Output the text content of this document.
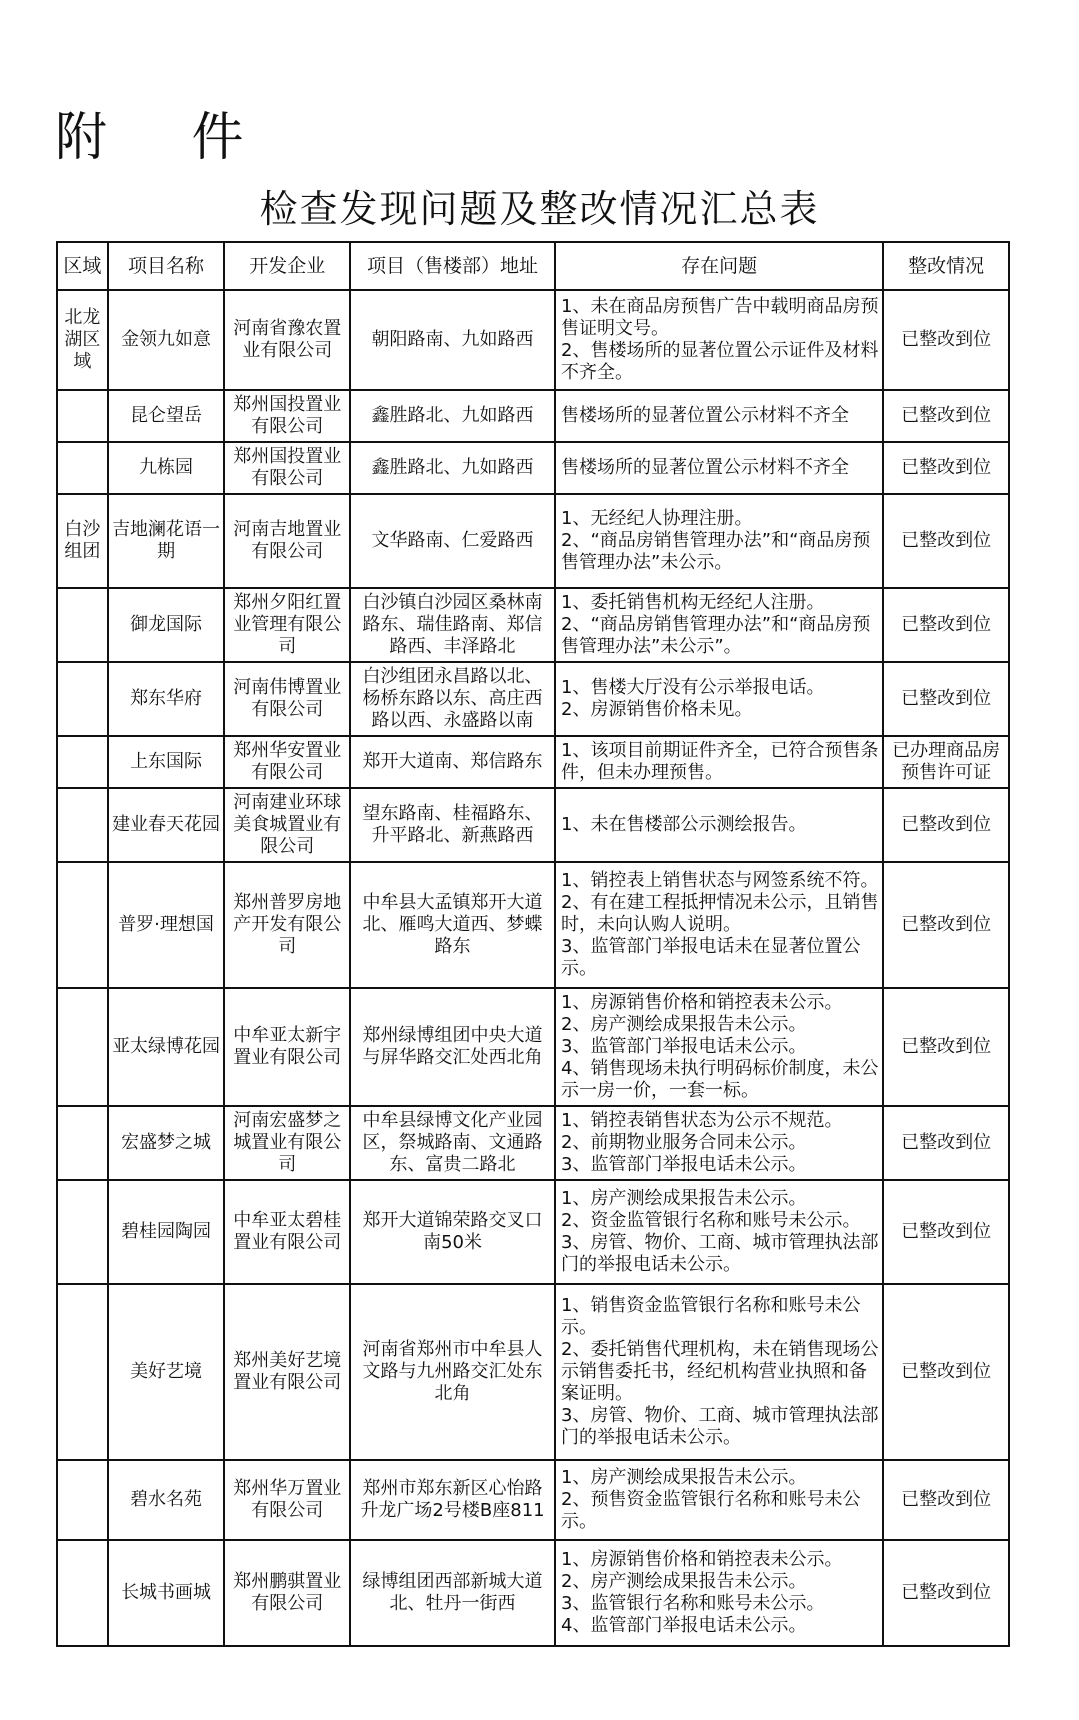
附 件
检查发现问题及整改情况汇总表
区域	项目名称	开发企业	项目（售楼部）地址	存在问题	整改情况
北龙湖区域	金领九如意	河南省豫农置业有限公司	朝阳路南、九如路西	1、未在商品房预售广告中载明商品房预售证明文号。
2、售楼场所的显著位置公示证件及材料不齐全。	已整改到位
	昆仑望岳	郑州国投置业有限公司	鑫胜路北、九如路西	售楼场所的显著位置公示材料不齐全	已整改到位
	九栋园	郑州国投置业有限公司	鑫胜路北、九如路西	售楼场所的显著位置公示材料不齐全	已整改到位
白沙组团	吉地澜花语一期	河南吉地置业有限公司	文华路南、仁爱路西	1、无经纪人协理注册。
2、“商品房销售管理办法”和“商品房预售管理办法”未公示。	已整改到位
	御龙国际	郑州夕阳红置业管理有限公司	白沙镇白沙园区桑林南路东、瑞佳路南、郑信路西、丰泽路北	1、委托销售机构无经纪人注册。
2、“商品房销售管理办法”和“商品房预售管理办法”未公示”。	已整改到位
	郑东华府	河南伟博置业有限公司	白沙组团永昌路以北、杨桥东路以东、高庄西路以西、永盛路以南	1、售楼大厅没有公示举报电话。
2、房源销售价格未见。	已整改到位
	上东国际	郑州华安置业有限公司	郑开大道南、郑信路东	1、该项目前期证件齐全，已符合预售条件，但未办理预售。	已办理商品房预售许可证
	建业春天花园	河南建业环球美食城置业有限公司	望东路南、桂福路东、升平路北、新燕路西	1、未在售楼部公示测绘报告。	已整改到位
	普罗·理想国	郑州普罗房地产开发有限公司	中牟县大孟镇郑开大道北、雁鸣大道西、梦蝶路东	1、销控表上销售状态与网签系统不符。
2、有在建工程抵押情况未公示，且销售时，未向认购人说明。
3、监管部门举报电话未在显著位置公示。	已整改到位
	亚太绿博花园	中牟亚太新宇置业有限公司	郑州绿博组团中央大道与屏华路交汇处西北角	1、房源销售价格和销控表未公示。
2、房产测绘成果报告未公示。
3、监管部门举报电话未公示。
4、销售现场未执行明码标价制度，未公示一房一价，一套一标。	已整改到位
	宏盛梦之城	河南宏盛梦之城置业有限公司	中牟县绿博文化产业园区，祭城路南、文通路东、富贵二路北	1、销控表销售状态为公示不规范。
2、前期物业服务合同未公示。
3、监管部门举报电话未公示。	已整改到位
	碧桂园陶园	中牟亚太碧桂置业有限公司	郑开大道锦荣路交叉口南50米	1、房产测绘成果报告未公示。
2、资金监管银行名称和账号未公示。
3、房管、物价、工商、城市管理执法部门的举报电话未公示。	已整改到位
	美好艺境	郑州美好艺境置业有限公司	河南省郑州市中牟县人文路与九州路交汇处东北角	1、销售资金监管银行名称和账号未公示。
2、委托销售代理机构，未在销售现场公示销售委托书，经纪机构营业执照和备案证明。
3、房管、物价、工商、城市管理执法部门的举报电话未公示。	已整改到位
	碧水名苑	郑州华万置业有限公司	郑州市郑东新区心怡路升龙广场2号楼B座811	1、房产测绘成果报告未公示。
2、预售资金监管银行名称和账号未公示。	已整改到位
	长城书画城	郑州鹏骐置业有限公司	绿博组团西部新城大道北、牡丹一街西	1、房源销售价格和销控表未公示。
2、房产测绘成果报告未公示。
3、监管银行名称和账号未公示。
4、监管部门举报电话未公示。	已整改到位
